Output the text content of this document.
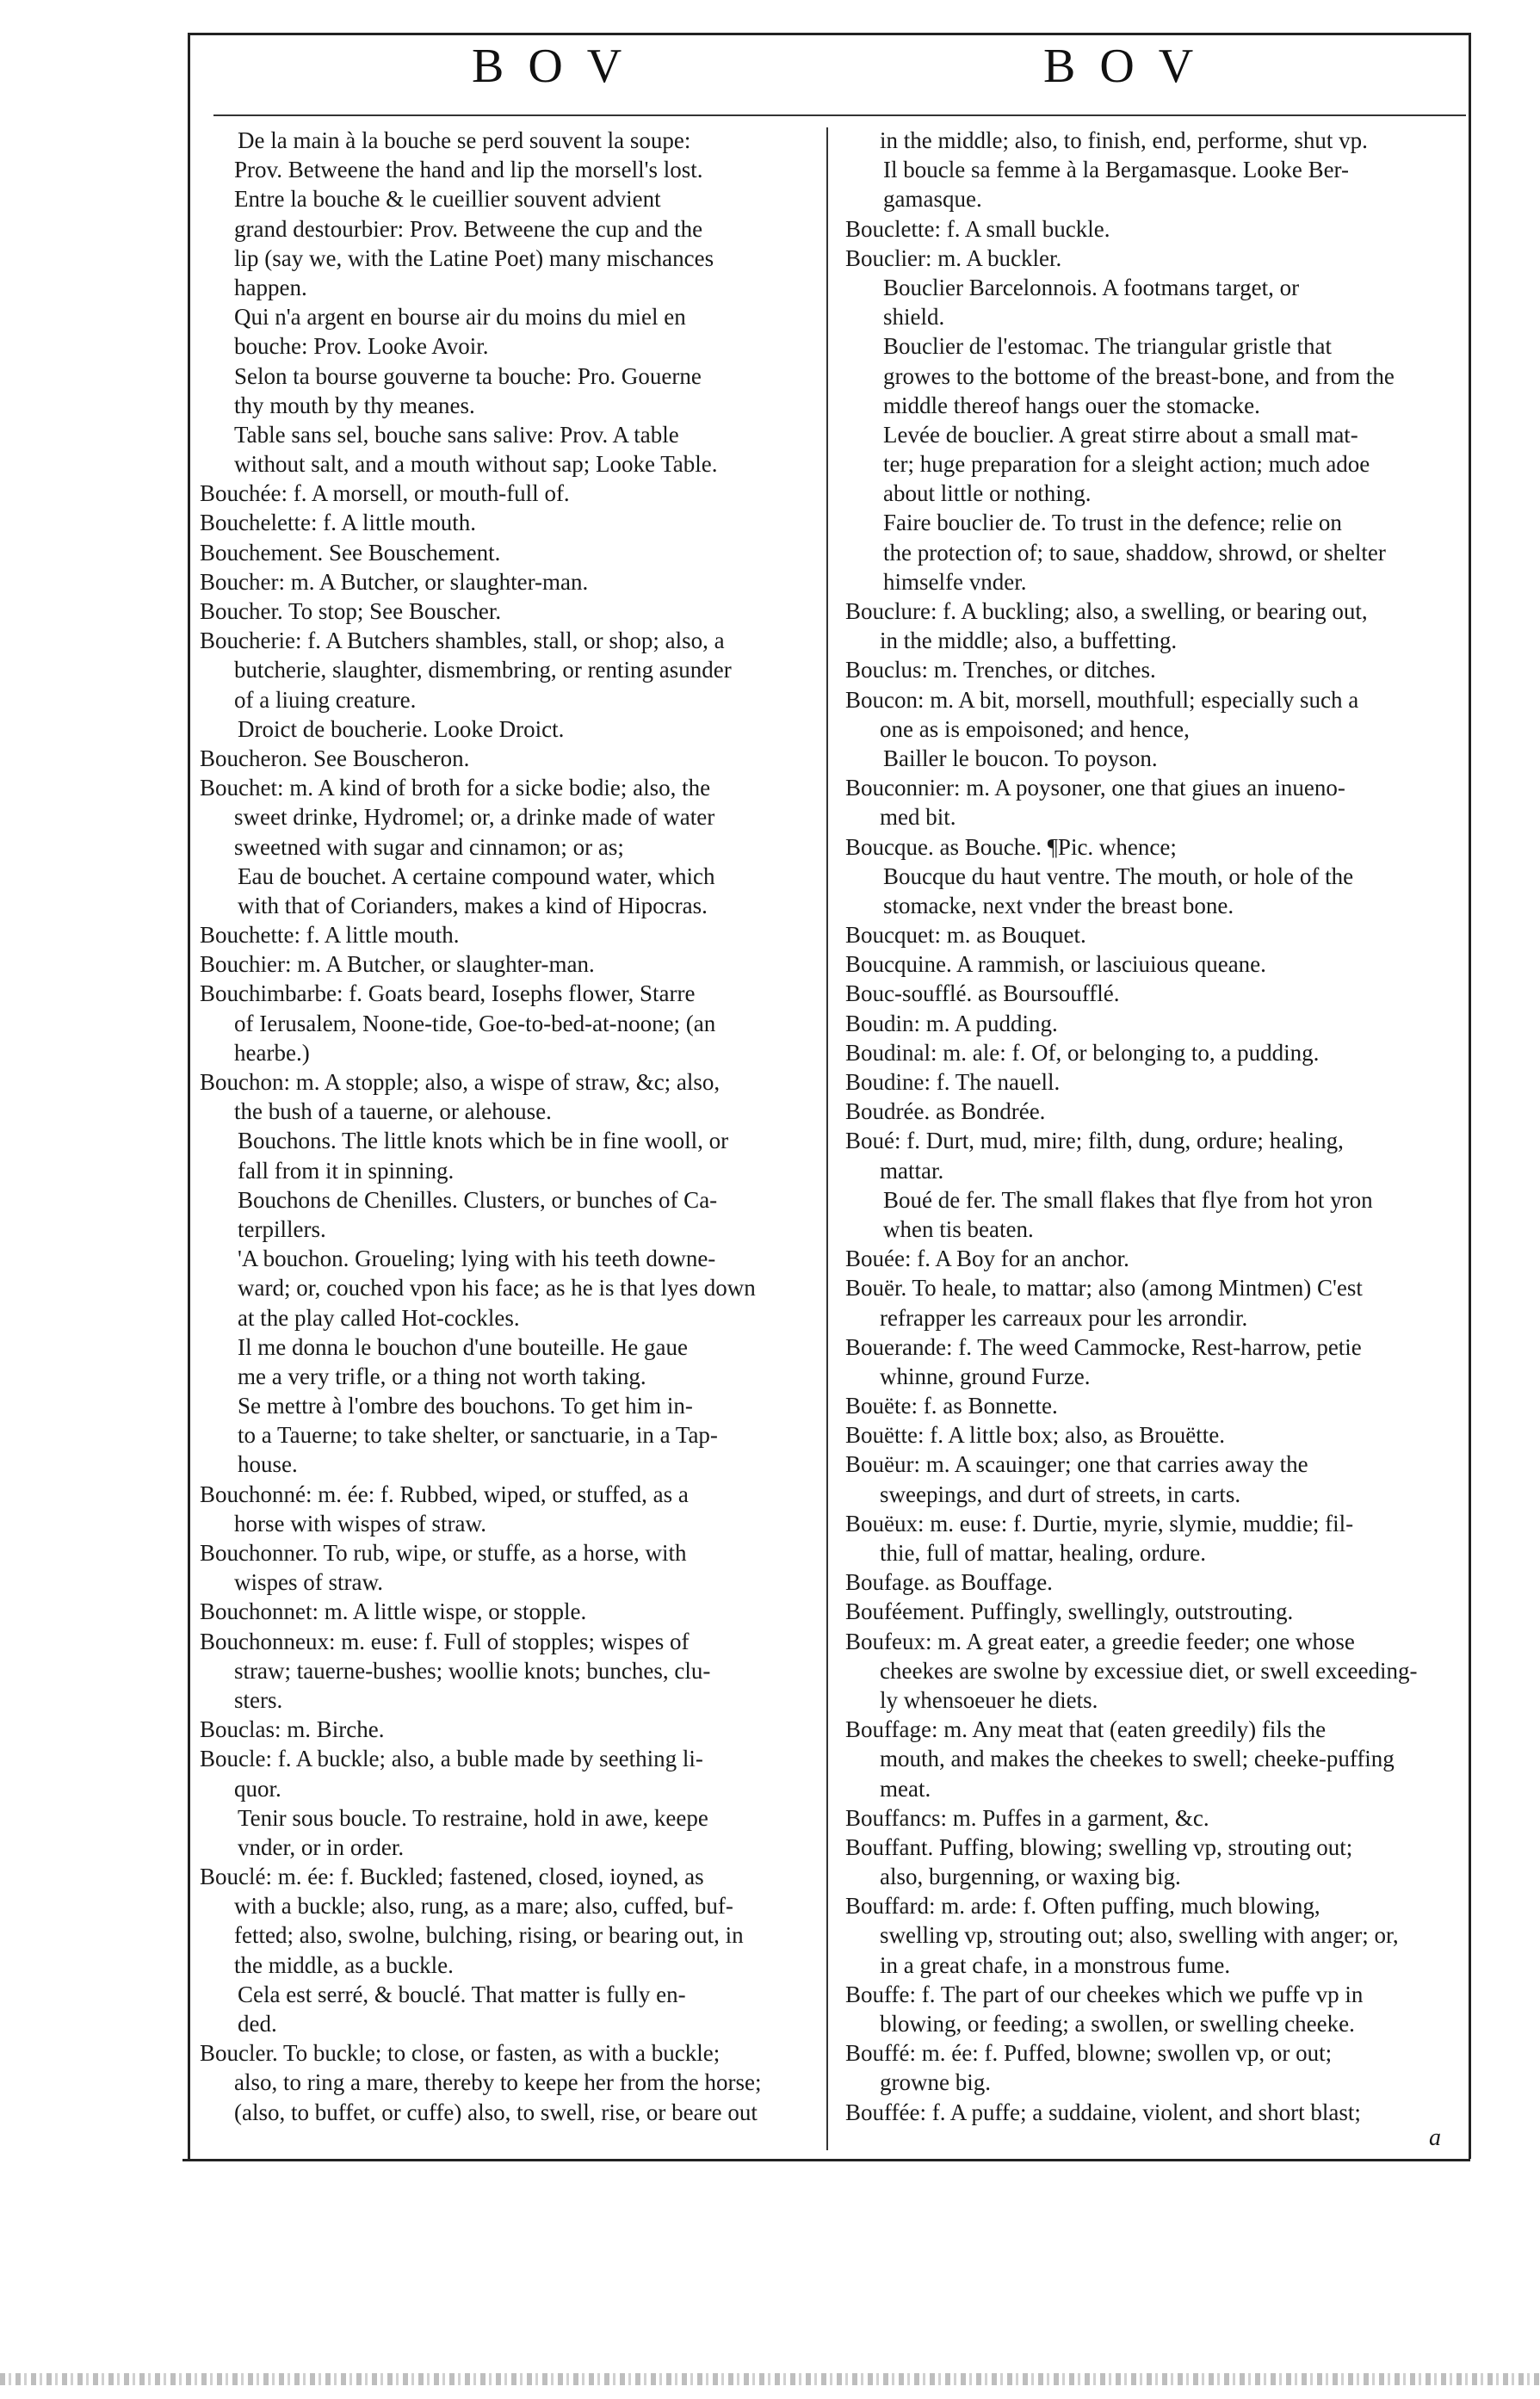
BOV	BOV
De la main à la bouche se perd souvent la soupe:
Prov. Betweene the hand and lip the morsell's lost.
Entre la bouche & le cueillier souvent advient
grand destourbier: Prov. Betweene the cup and the
lip (say we, with the Latine Poet) many mischances
happen.
Qui n'a argent en bourse air du moins du miel en
bouche: Prov. Looke Avoir.
Selon ta bourse gouverne ta bouche: Pro. Gouerne
thy mouth by thy meanes.
Table sans sel, bouche sans salive: Prov. A table
without salt, and a mouth without sap; Looke Table.
Bouchée: f. A morsell, or mouth-full of.
Bouchelette: f. A little mouth.
Bouchement. See Bouschement.
Boucher: m. A Butcher, or slaughter-man.
Boucher. To stop; See Bouscher.
Boucherie: f. A Butchers shambles, stall, or shop; also, a
butcherie, slaughter, dismembring, or renting asunder
of a liuing creature.
Droict de boucherie. Looke Droict.
Boucheron. See Bouscheron.
Bouchet: m. A kind of broth for a sicke bodie; also, the
sweet drinke, Hydromel; or, a drinke made of water
sweetned with sugar and cinnamon; or as;
Eau de bouchet. A certaine compound water, which
with that of Corianders, makes a kind of Hipocras.
Bouchette: f. A little mouth.
Bouchier: m. A Butcher, or slaughter-man.
Bouchimbarbe: f. Goats beard, Iosephs flower, Starre
of Ierusalem, Noone-tide, Goe-to-bed-at-noone; (an
hearbe.)
Bouchon: m. A stopple; also, a wispe of straw, &c; also,
the bush of a tauerne, or alehouse.
Bouchons. The little knots which be in fine wooll, or
fall from it in spinning.
Bouchons de Chenilles. Clusters, or bunches of Ca-
terpillers.
'A bouchon. Groueling; lying with his teeth downe-
ward; or, couched vpon his face; as he is that lyes down
at the play called Hot-cockles.
Il me donna le bouchon d'une bouteille. He gaue
me a very trifle, or a thing not worth taking.
Se mettre à l'ombre des bouchons. To get him in-
to a Tauerne; to take shelter, or sanctuarie, in a Tap-
house.
Bouchonné: m. ée: f. Rubbed, wiped, or stuffed, as a
horse with wispes of straw.
Bouchonner. To rub, wipe, or stuffe, as a horse, with
wispes of straw.
Bouchonnet: m. A little wispe, or stopple.
Bouchonneux: m. euse: f. Full of stopples; wispes of
straw; tauerne-bushes; woollie knots; bunches, clu-
sters.
Bouclas: m. Birche.
Boucle: f. A buckle; also, a buble made by seething li-
quor.
Tenir sous boucle. To restraine, hold in awe, keepe
vnder, or in order.
Bouclé: m. ée: f. Buckled; fastened, closed, ioyned, as
with a buckle; also, rung, as a mare; also, cuffed, buf-
fetted; also, swolne, bulching, rising, or bearing out, in
the middle, as a buckle.
Cela est serré, & bouclé. That matter is fully en-
ded.
Boucler. To buckle; to close, or fasten, as with a buckle;
also, to ring a mare, thereby to keepe her from the horse;
(also, to buffet, or cuffe) also, to swell, rise, or beare out
in the middle; also, to finish, end, performe, shut vp.
Il boucle sa femme à la Bergamasque. Looke Ber-
gamasque.
Bouclette: f. A small buckle.
Bouclier: m. A buckler.
Bouclier Barcelonnois. A footmans target, or
shield.
Bouclier de l'estomac. The triangular gristle that
growes to the bottome of the breast-bone, and from the
middle thereof hangs ouer the stomacke.
Levée de bouclier. A great stirre about a small mat-
ter; huge preparation for a sleight action; much adoe
about little or nothing.
Faire bouclier de. To trust in the defence; relie on
the protection of; to saue, shaddow, shrowd, or shelter
himselfe vnder.
Bouclure: f. A buckling; also, a swelling, or bearing out,
in the middle; also, a buffetting.
Bouclus: m. Trenches, or ditches.
Boucon: m. A bit, morsell, mouthfull; especially such a
one as is empoisoned; and hence,
Bailler le boucon. To poyson.
Bouconnier: m. A poysoner, one that giues an inueno-
med bit.
Boucque. as Bouche. ¶Pic. whence;
Boucque du haut ventre. The mouth, or hole of the
stomacke, next vnder the breast bone.
Boucquet: m. as Bouquet.
Boucquine. A rammish, or lasciuious queane.
Bouc-soufflé. as Boursoufflé.
Boudin: m. A pudding.
Boudinal: m. ale: f. Of, or belonging to, a pudding.
Boudine: f. The nauell.
Boudrée. as Bondrée.
Boué: f. Durt, mud, mire; filth, dung, ordure; healing,
mattar.
Boué de fer. The small flakes that flye from hot yron
when tis beaten.
Bouée: f. A Boy for an anchor.
Bouër. To heale, to mattar; also (among Mintmen) C'est
refrapper les carreaux pour les arrondir.
Bouerande: f. The weed Cammocke, Rest-harrow, petie
whinne, ground Furze.
Bouëte: f. as Bonnette.
Bouëtte: f. A little box; also, as Brouëtte.
Bouëur: m. A scauinger; one that carries away the
sweepings, and durt of streets, in carts.
Bouëux: m. euse: f. Durtie, myrie, slymie, muddie; fil-
thie, full of mattar, healing, ordure.
Boufage. as Bouffage.
Bouféement. Puffingly, swellingly, outstrouting.
Boufeux: m. A great eater, a greedie feeder; one whose
cheekes are swolne by excessiue diet, or swell exceeding-
ly whensoeuer he diets.
Bouffage: m. Any meat that (eaten greedily) fils the
mouth, and makes the cheekes to swell; cheeke-puffing
meat.
Bouffancs: m. Puffes in a garment, &c.
Bouffant. Puffing, blowing; swelling vp, strouting out;
also, burgenning, or waxing big.
Bouffard: m. arde: f. Often puffing, much blowing,
swelling vp, strouting out; also, swelling with anger; or,
in a great chafe, in a monstrous fume.
Bouffe: f. The part of our cheekes which we puffe vp in
blowing, or feeding; a swollen, or swelling cheeke.
Bouffé: m. ée: f. Puffed, blowne; swollen vp, or out;
growne big.
Bouffée: f. A puffe; a suddaine, violent, and short blast;
a
